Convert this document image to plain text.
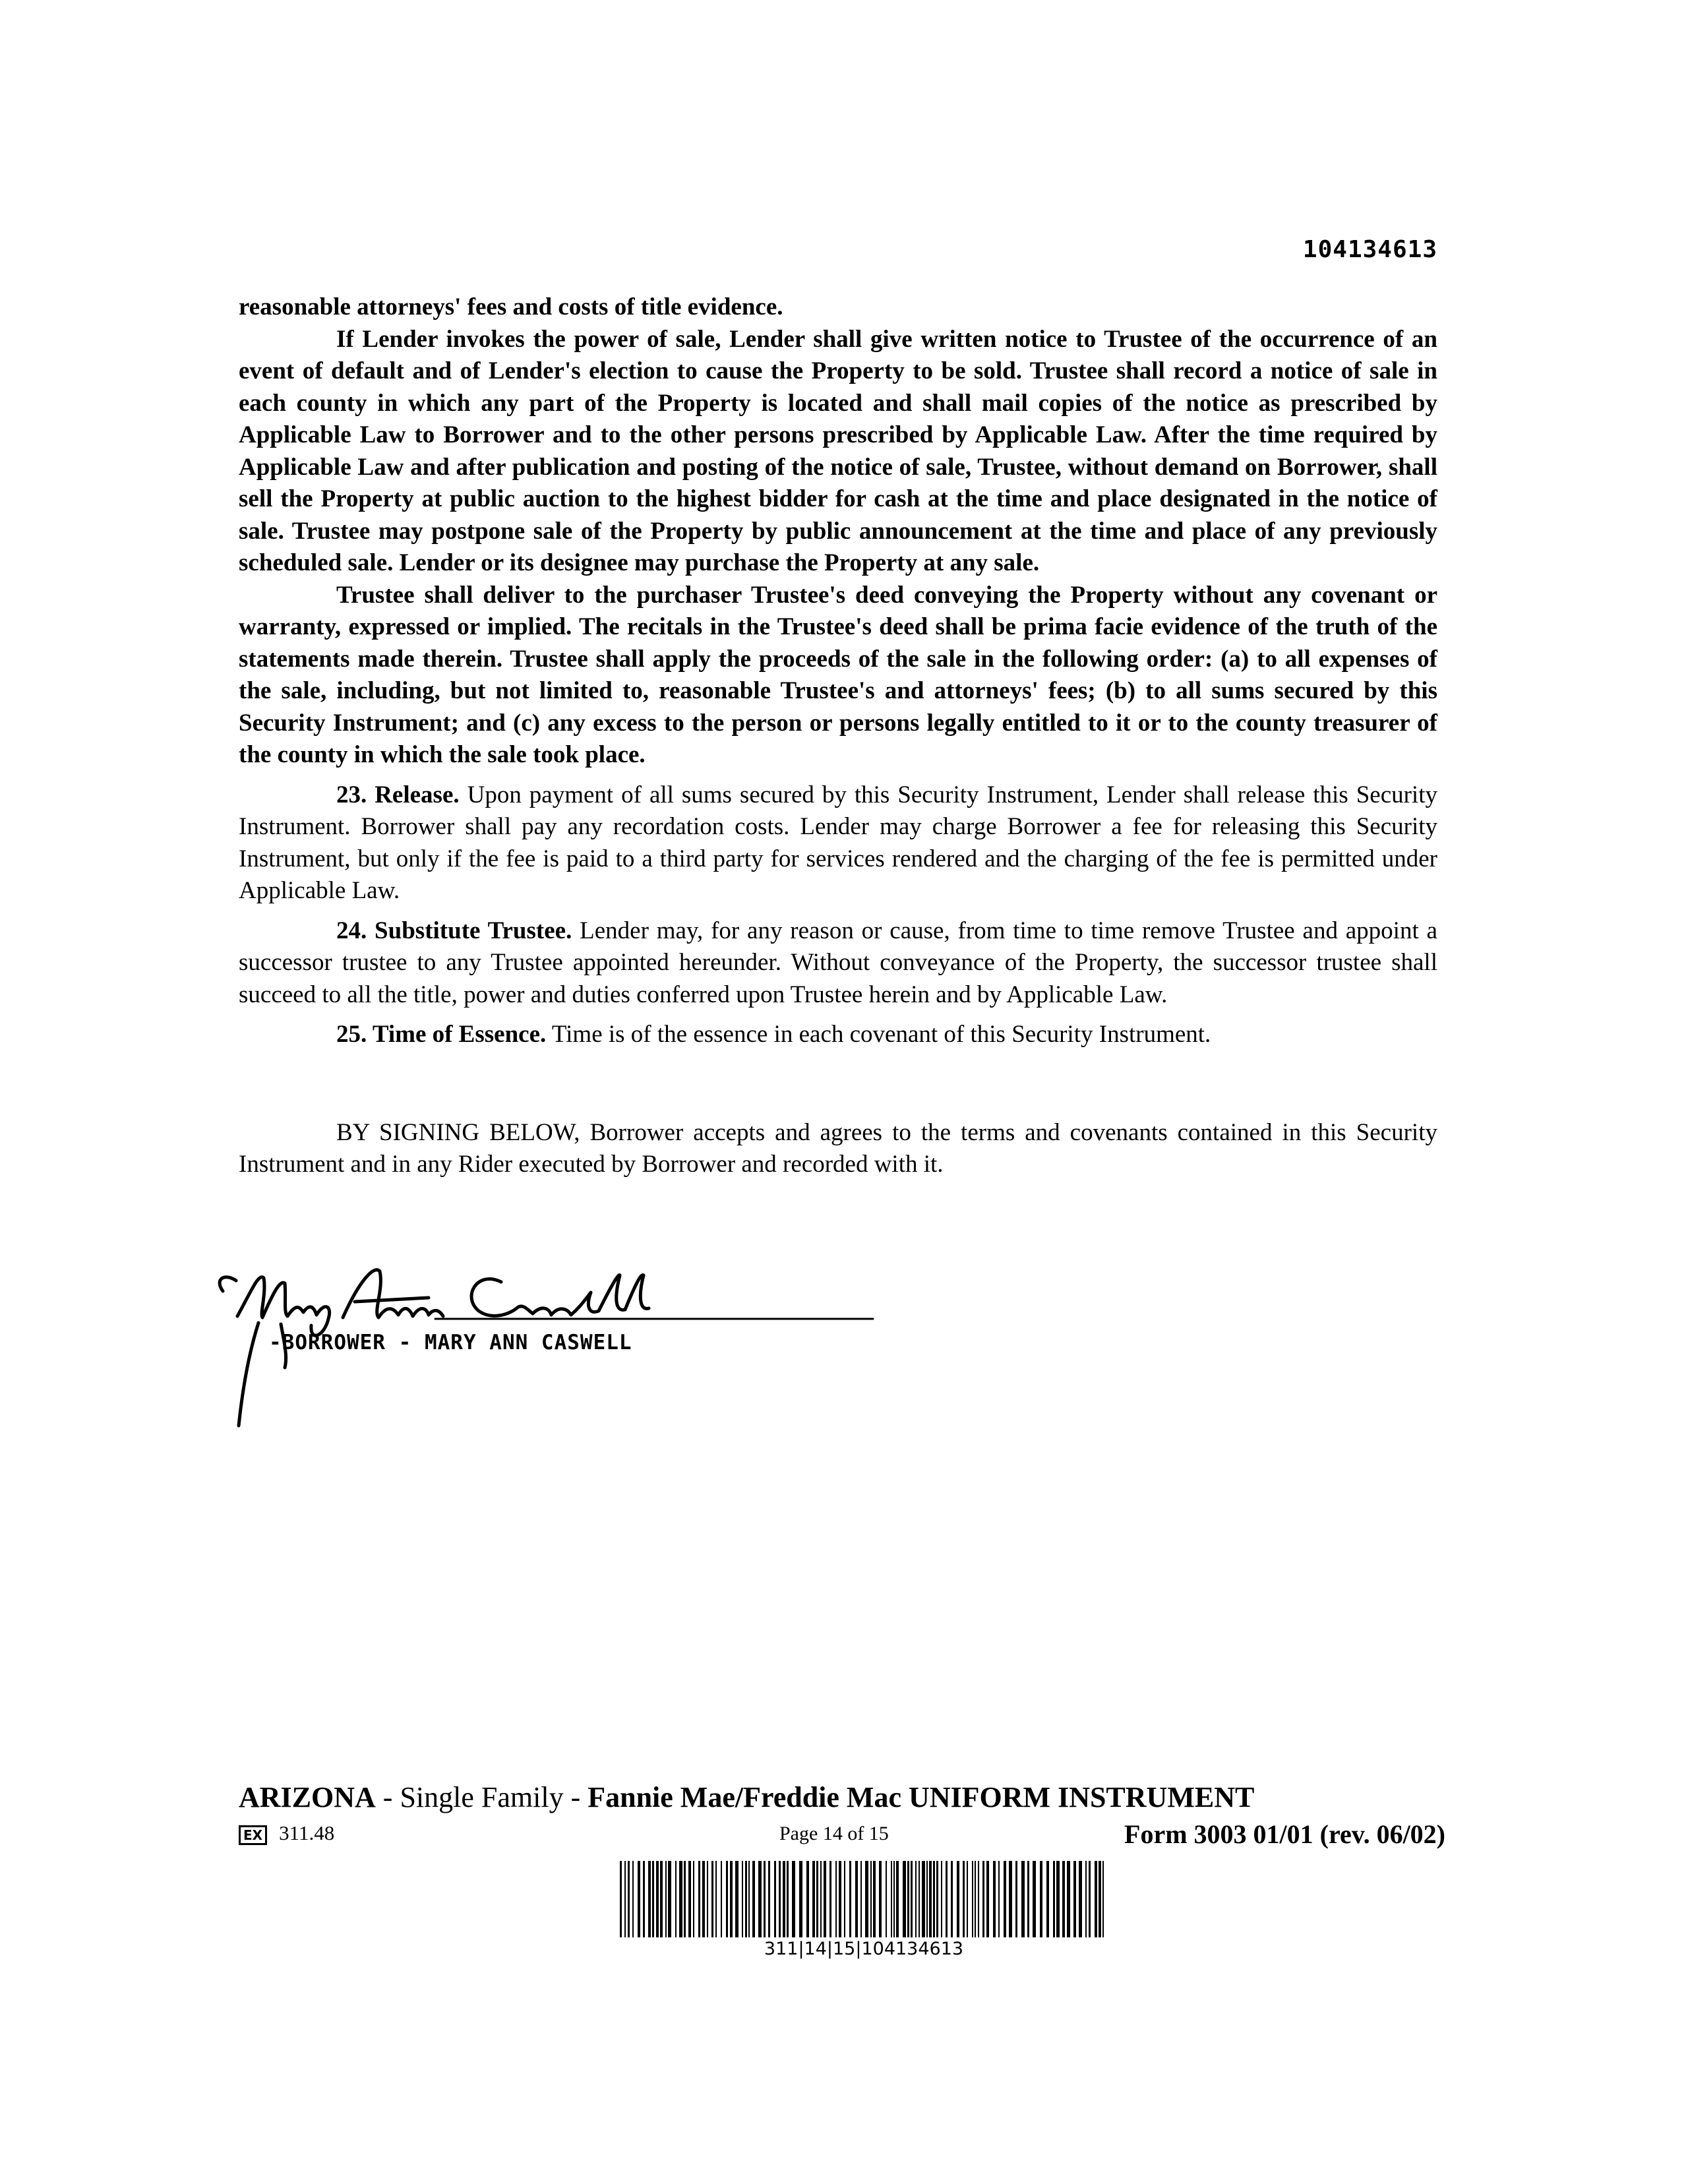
104134613

reasonable attorneys' fees and costs of title evidence.

If Lender invokes the power of sale, Lender shall give written notice to Trustee of the occurrence of an event of default and of Lender's election to cause the Property to be sold. Trustee shall record a notice of sale in each county in which any part of the Property is located and shall mail copies of the notice as prescribed by Applicable Law to Borrower and to the other persons prescribed by Applicable Law. After the time required by Applicable Law and after publication and posting of the notice of sale, Trustee, without demand on Borrower, shall sell the Property at public auction to the highest bidder for cash at the time and place designated in the notice of sale. Trustee may postpone sale of the Property by public announcement at the time and place of any previously scheduled sale. Lender or its designee may purchase the Property at any sale.

Trustee shall deliver to the purchaser Trustee's deed conveying the Property without any covenant or warranty, expressed or implied. The recitals in the Trustee's deed shall be prima facie evidence of the truth of the statements made therein. Trustee shall apply the proceeds of the sale in the following order: (a) to all expenses of the sale, including, but not limited to, reasonable Trustee's and attorneys' fees; (b) to all sums secured by this Security Instrument; and (c) any excess to the person or persons legally entitled to it or to the county treasurer of the county in which the sale took place.

23. Release. Upon payment of all sums secured by this Security Instrument, Lender shall release this Security Instrument. Borrower shall pay any recordation costs. Lender may charge Borrower a fee for releasing this Security Instrument, but only if the fee is paid to a third party for services rendered and the charging of the fee is permitted under Applicable Law.

24. Substitute Trustee. Lender may, for any reason or cause, from time to time remove Trustee and appoint a successor trustee to any Trustee appointed hereunder. Without conveyance of the Property, the successor trustee shall succeed to all the title, power and duties conferred upon Trustee herein and by Applicable Law.

25. Time of Essence. Time is of the essence in each covenant of this Security Instrument.

BY SIGNING BELOW, Borrower accepts and agrees to the terms and covenants contained in this Security Instrument and in any Rider executed by Borrower and recorded with it.

-BORROWER - MARY ANN CASWELL
ARIZONA - Single Family - Fannie Mae/Freddie Mac UNIFORM INSTRUMENT
EX 311.48	Page 14 of 15	Form 3003 01/01 (rev. 06/02)
311|14|15|104134613
